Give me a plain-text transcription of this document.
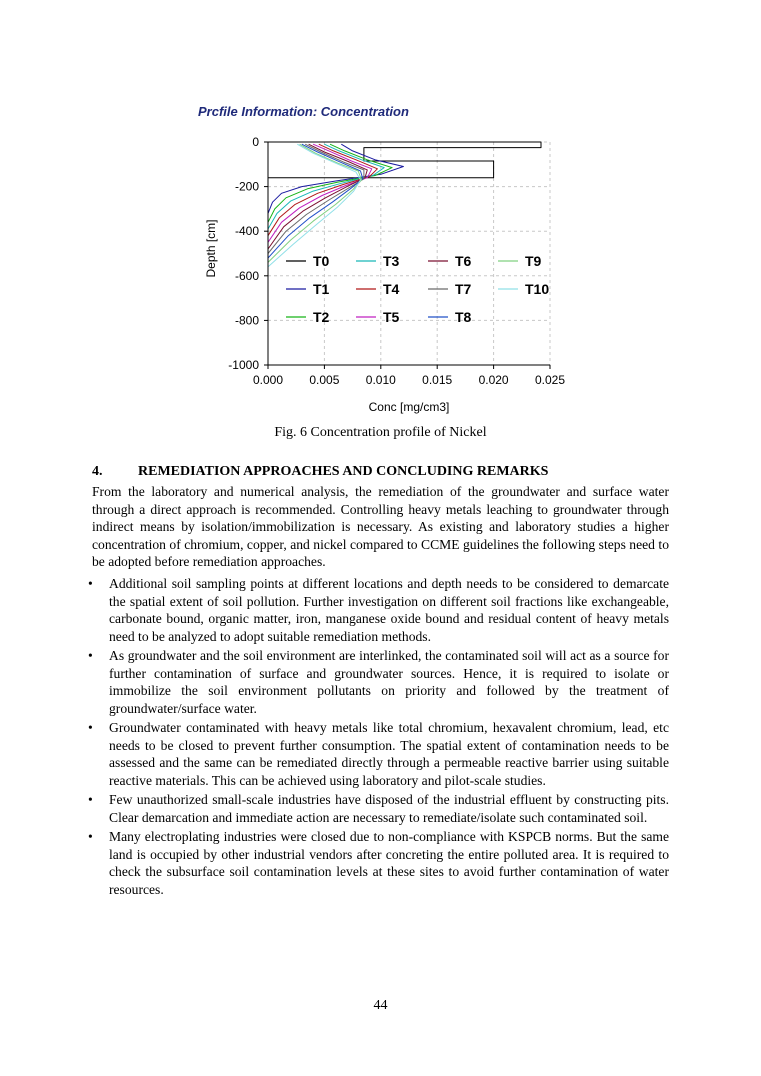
Prcfile Information: Concentration
0.000 0.005 0.010 0.015 0.020 0.025
0
-200
-400
-600
-800
-1000
T0
T1
T2
T3
T4
T5
T6
T7
T8
T9
T10
Conc [mg/cm3]
Depth [cm]
Fig. 6 Concentration profile of Nickel
4.	REMEDIATION APPROACHES AND CONCLUDING REMARKS
From the laboratory and numerical analysis, the remediation of the groundwater and surface water through a direct approach is recommended. Controlling heavy metals leaching to groundwater through indirect means by isolation/immobilization is necessary. As existing and laboratory studies a higher concentration of chromium, copper, and nickel compared to CCME guidelines the following steps need to be adopted before remediation approaches.
• Additional soil sampling points at different locations and depth needs to be considered to demarcate the spatial extent of soil pollution. Further investigation on different soil fractions like exchangeable, carbonate bound, organic matter, iron, manganese oxide bound and residual content of heavy metals need to be analyzed to adopt suitable remediation methods.
• As groundwater and the soil environment are interlinked, the contaminated soil will act as a source for further contamination of surface and groundwater sources. Hence, it is required to isolate or immobilize the soil environment pollutants on priority and followed by the treatment of groundwater/surface water.
• Groundwater contaminated with heavy metals like total chromium, hexavalent chromium, lead, etc needs to be closed to prevent further consumption. The spatial extent of contamination needs to be assessed and the same can be remediated directly through a permeable reactive barrier using suitable reactive materials. This can be achieved using laboratory and pilot-scale studies.
• Few unauthorized small-scale industries have disposed of the industrial effluent by constructing pits. Clear demarcation and immediate action are necessary to remediate/isolate such contaminated soil.
• Many electroplating industries were closed due to non-compliance with KSPCB norms. But the same land is occupied by other industrial vendors after concreting the entire polluted area. It is required to check the subsurface soil contamination levels at these sites to avoid further contamination of water resources.
44
